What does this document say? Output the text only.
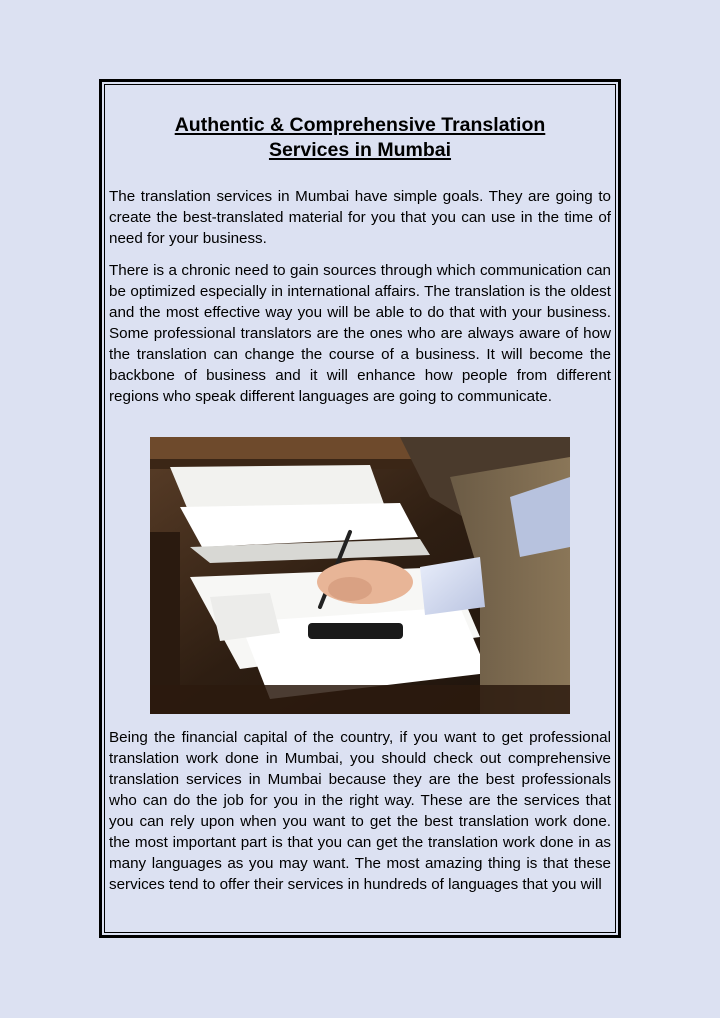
Authentic & Comprehensive Translation
Services in Mumbai

The translation services in Mumbai have simple goals. They are going to create the best-translated material for you that you can use in the time of need for your business.

There is a chronic need to gain sources through which communication can be optimized especially in international affairs. The translation is the oldest and the most effective way you will be able to do that with your business. Some professional translators are the ones who are always aware of how the translation can change the course of a business. It will become the backbone of business and it will enhance how people from different regions who speak different languages are going to communicate.

Being the financial capital of the country, if you want to get professional translation work done in Mumbai, you should check out comprehensive translation services in Mumbai because they are the best professionals who can do the job for you in the right way. These are the services that you can rely upon when you want to get the best translation work done. the most important part is that you can get the translation work done in as many languages as you may want. The most amazing thing is that these services tend to offer their services in hundreds of languages that you will
